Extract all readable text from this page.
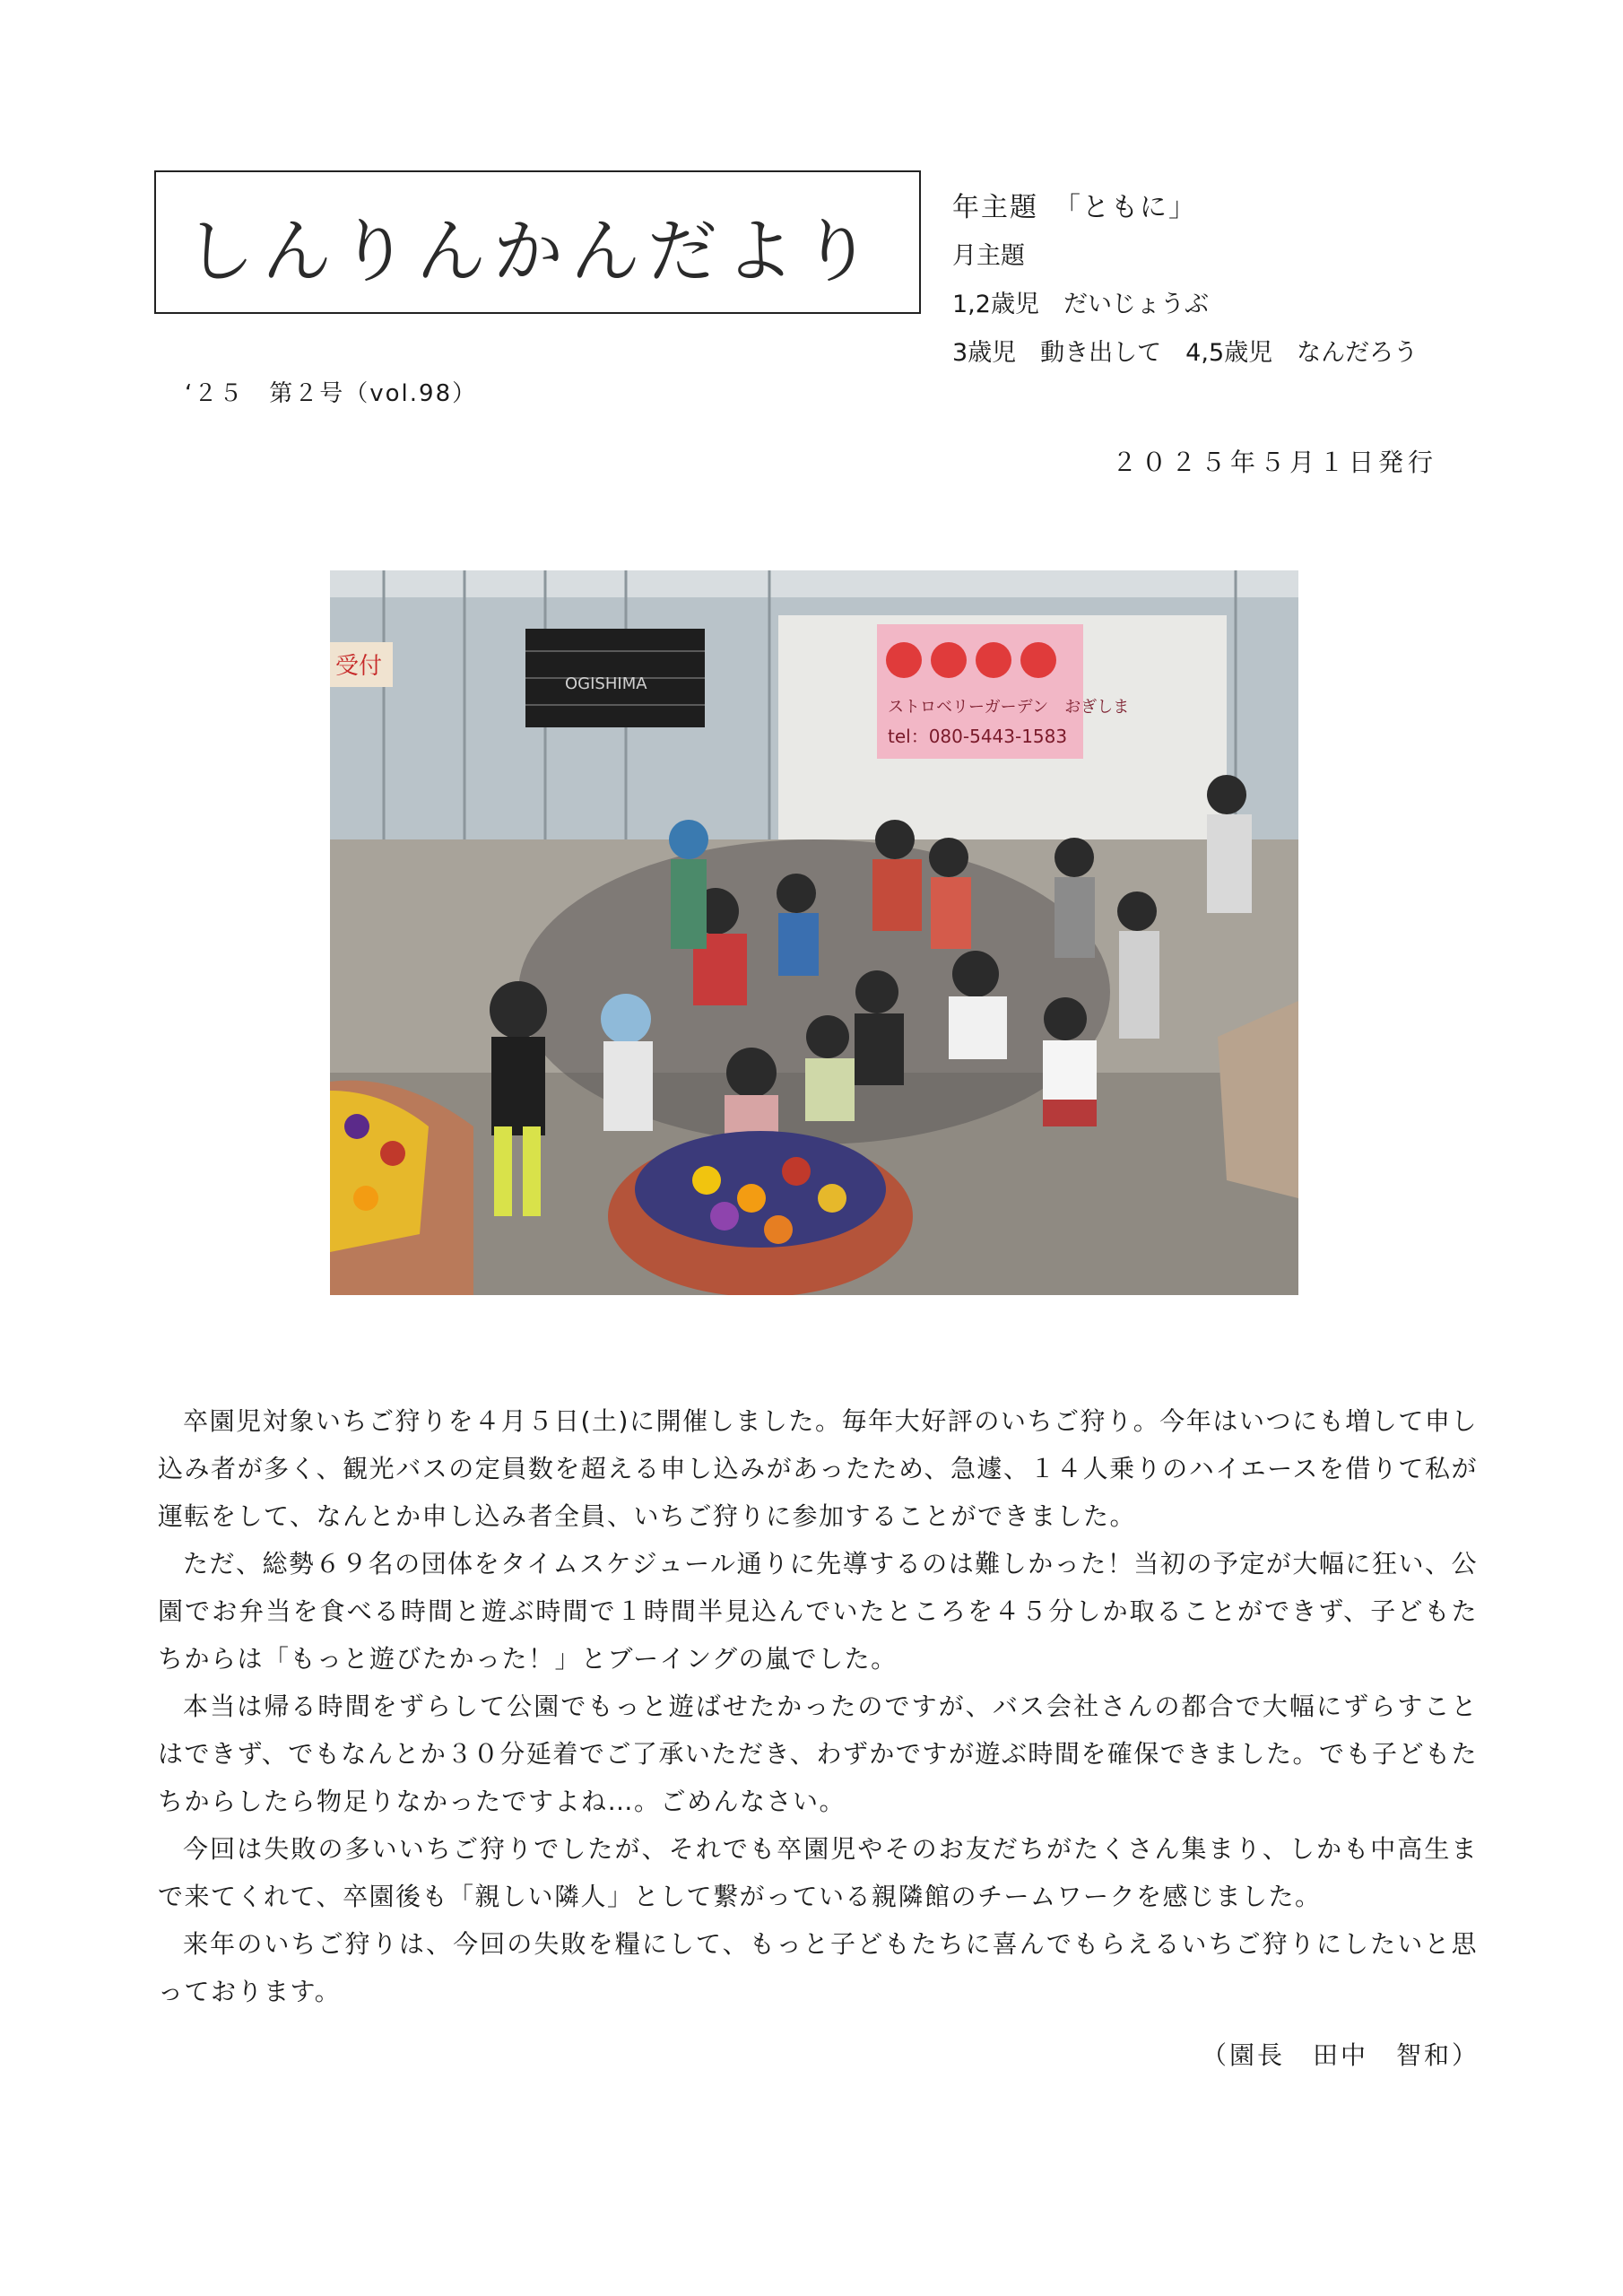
しんりんかんだより
‘２５　第２号（vol.98）
年主題　「ともに」
月主題
1,2歳児　だいじょうぶ
3歳児　動き出して　4,5歳児　なんだろう
２０２５年５月１日発行
ストロベリーガーデン　おぎしま
tel：080-5443-1583
OGISHIMA
受付

卒園児対象いちご狩りを４月５日(土)に開催しました。毎年大好評のいちご狩り。今年はいつにも増して申し込み者が多く、観光バスの定員数を超える申し込みがあったため、急遽、１４人乗りのハイエースを借りて私が運転をして、なんとか申し込み者全員、いちご狩りに参加することができました。

ただ、総勢６９名の団体をタイムスケジュール通りに先導するのは難しかった！当初の予定が大幅に狂い、公園でお弁当を食べる時間と遊ぶ時間で１時間半見込んでいたところを４５分しか取ることができず、子どもたちからは「もっと遊びたかった！」とブーイングの嵐でした。

本当は帰る時間をずらして公園でもっと遊ばせたかったのですが、バス会社さんの都合で大幅にずらすことはできず、でもなんとか３０分延着でご了承いただき、わずかですが遊ぶ時間を確保できました。でも子どもたちからしたら物足りなかったですよね…。ごめんなさい。

今回は失敗の多いいちご狩りでしたが、それでも卒園児やそのお友だちがたくさん集まり、しかも中高生まで来てくれて、卒園後も「親しい隣人」として繋がっている親隣館のチームワークを感じました。

来年のいちご狩りは、今回の失敗を糧にして、もっと子どもたちに喜んでもらえるいちご狩りにしたいと思っております。

（園長　田中　智和）
